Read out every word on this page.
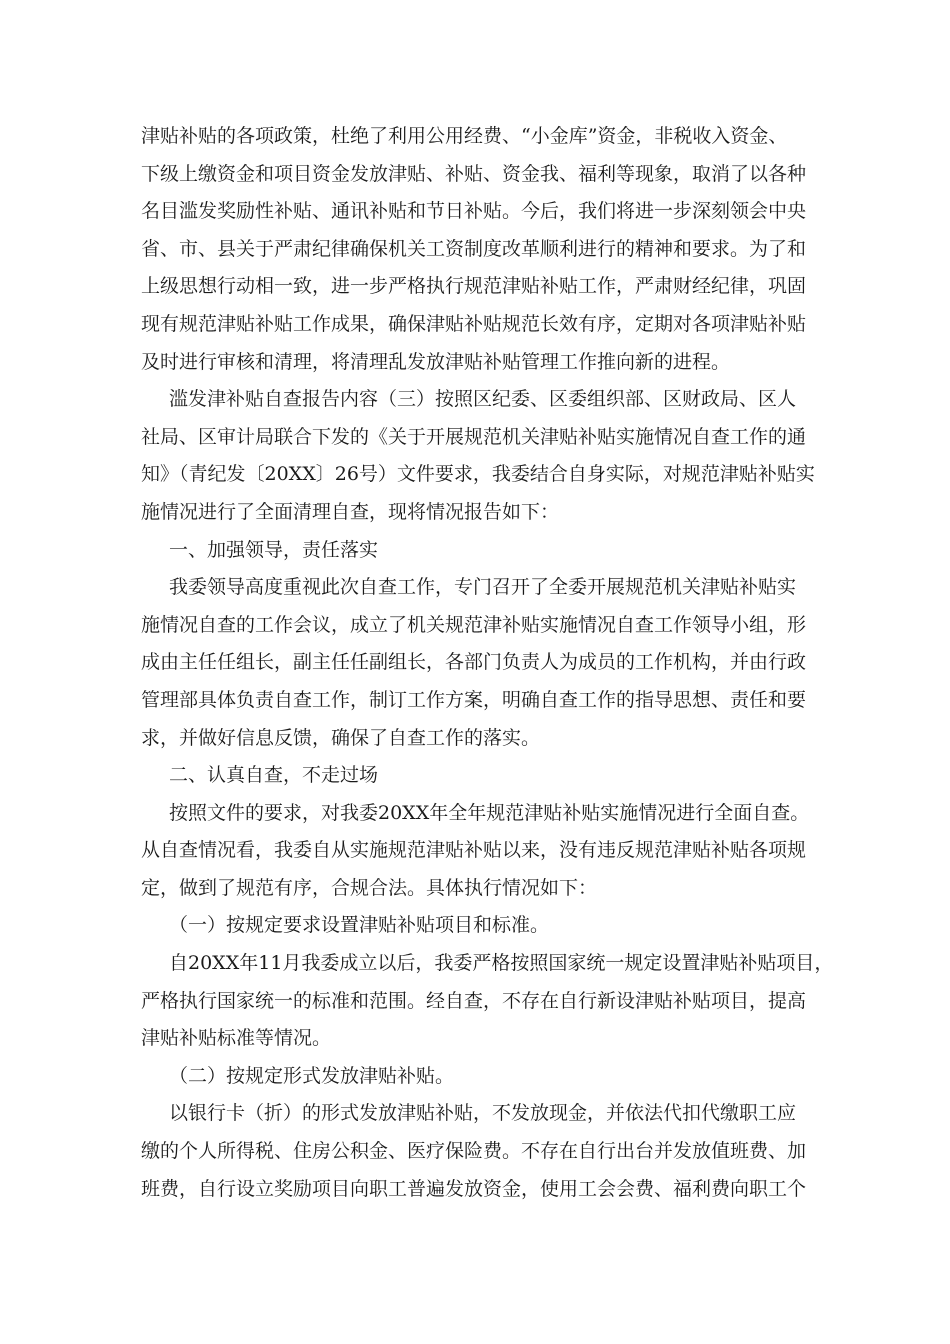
津贴补贴的各项政策，杜绝了利用公用经费、“小金库”资金，非税收入资金、
下级上缴资金和项目资金发放津贴、补贴、资金我、福利等现象，取消了以各种
名目滥发奖励性补贴、通讯补贴和节日补贴。今后，我们将进一步深刻领会中央
省、市、县关于严肃纪律确保机关工资制度改革顺利进行的精神和要求。为了和
上级思想行动相一致，进一步严格执行规范津贴补贴工作，严肃财经纪律，巩固
现有规范津贴补贴工作成果，确保津贴补贴规范长效有序，定期对各项津贴补贴
及时进行审核和清理，将清理乱发放津贴补贴管理工作推向新的进程。
滥发津补贴自查报告内容（三）按照区纪委、区委组织部、区财政局、区人
社局、区审计局联合下发的《关于开展规范机关津贴补贴实施情况自查工作的通
知》（青纪发〔20XX〕26号）文件要求，我委结合自身实际，对规范津贴补贴实
施情况进行了全面清理自查，现将情况报告如下：
一、加强领导，责任落实
我委领导高度重视此次自查工作，专门召开了全委开展规范机关津贴补贴实
施情况自查的工作会议，成立了机关规范津补贴实施情况自查工作领导小组，形
成由主任任组长，副主任任副组长，各部门负责人为成员的工作机构，并由行政
管理部具体负责自查工作，制订工作方案，明确自查工作的指导思想、责任和要
求，并做好信息反馈，确保了自查工作的落实。
二、认真自查，不走过场
按照文件的要求，对我委20XX年全年规范津贴补贴实施情况进行全面自查。
从自查情况看，我委自从实施规范津贴补贴以来，没有违反规范津贴补贴各项规
定，做到了规范有序，合规合法。具体执行情况如下：
（一）按规定要求设置津贴补贴项目和标准。
自20XX年11月我委成立以后，我委严格按照国家统一规定设置津贴补贴项目，
严格执行国家统一的标准和范围。经自查，不存在自行新设津贴补贴项目，提高
津贴补贴标准等情况。
（二）按规定形式发放津贴补贴。
以银行卡（折）的形式发放津贴补贴，不发放现金，并依法代扣代缴职工应
缴的个人所得税、住房公积金、医疗保险费。不存在自行出台并发放值班费、加
班费，自行设立奖励项目向职工普遍发放资金，使用工会会费、福利费向职工个
